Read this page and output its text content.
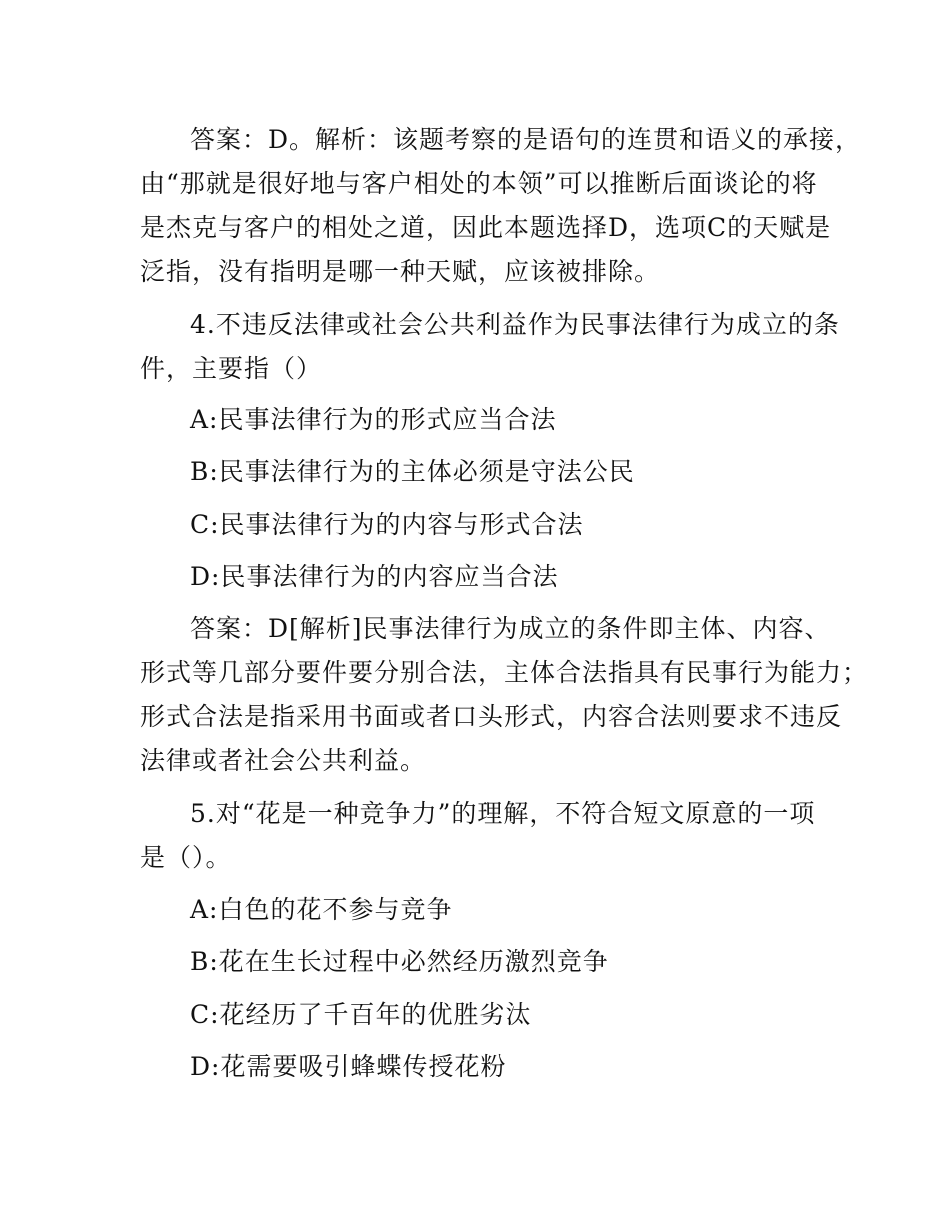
答案：D。解析：该题考察的是语句的连贯和语义的承接，
由“那就是很好地与客户相处的本领”可以推断后面谈论的将
是杰克与客户的相处之道，因此本题选择D，选项C的天赋是
泛指，没有指明是哪一种天赋，应该被排除。
4.不违反法律或社会公共利益作为民事法律行为成立的条
件，主要指（）
A:民事法律行为的形式应当合法
B:民事法律行为的主体必须是守法公民
C:民事法律行为的内容与形式合法
D:民事法律行为的内容应当合法
答案：D[解析]民事法律行为成立的条件即主体、内容、
形式等几部分要件要分别合法，主体合法指具有民事行为能力；
形式合法是指采用书面或者口头形式，内容合法则要求不违反
法律或者社会公共利益。
5.对“花是一种竞争力”的理解，不符合短文原意的一项
是（）。
A:白色的花不参与竞争
B:花在生长过程中必然经历激烈竞争
C:花经历了千百年的优胜劣汰
D:花需要吸引蜂蝶传授花粉
